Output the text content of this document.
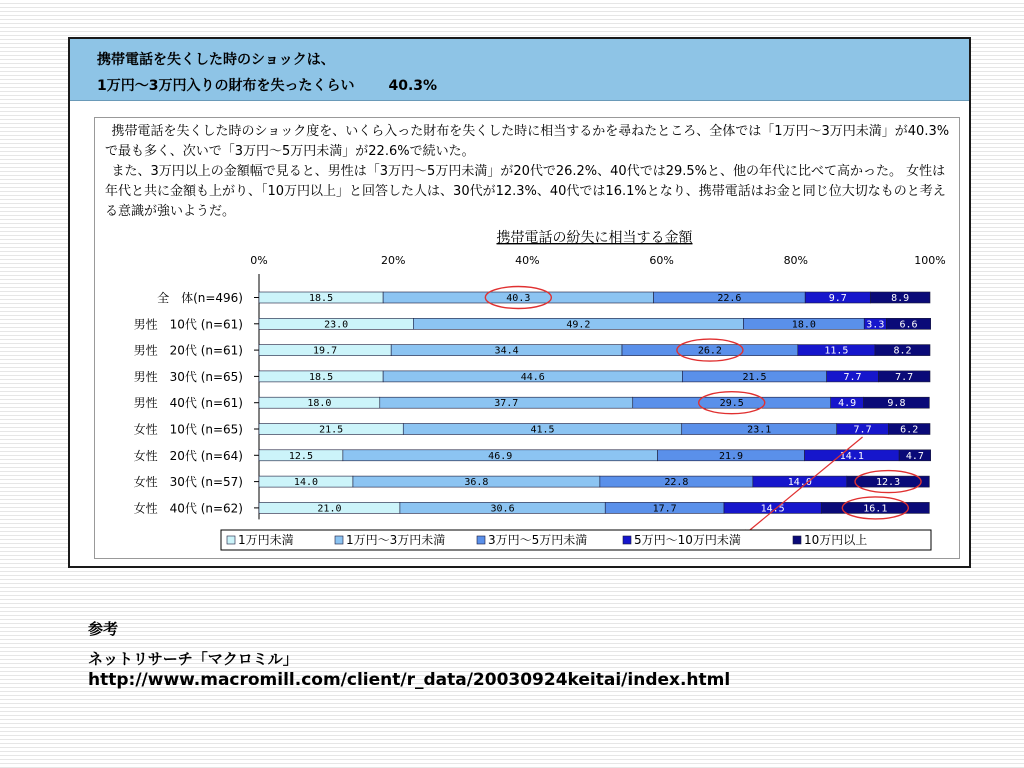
携帯電話を失くした時のショックは、
1万円～3万円入りの財布を失ったくらい 40.3%

携帯電話を失くした時のショック度を、いくら入った財布を失くした時に相当するかを尋ねたところ、全体では「1万円～3万円未満」が40.3%で最も多く、次いで「3万円～5万円未満」が22.6%で続いた。

また、3万円以上の金額幅で見ると、男性は「3万円～5万円未満」が20代で26.2%、40代では29.5%と、他の年代に比べて高かった。 女性は年代と共に金額も上がり、「10万円以上」と回答した人は、30代が12.3%、40代では16.1%となり、携帯電話はお金と同じ位大切なものと考える意識が強いようだ。

携帯電話の紛失に相当する金額
0%	20%	40%	60%	80%	100%
全　体(n=496)	18.5	40.3	22.6	9.7	8.9
男性　10代 (n=61)	23.0	49.2	18.0	3.3 6.6
男性　20代 (n=61)	19.7	34.4	26.2	11.5	8.2
男性　30代 (n=65)	18.5	44.6	21.5	7.7	7.7
男性　40代 (n=61)	18.0	37.7	29.5	4.9	9.8
女性　10代 (n=65)	21.5	41.5	23.1	7.7	6.2
女性　20代 (n=64)	12.5	46.9	21.9	14.1	4.7
女性　30代 (n=57)	14.0	36.8	22.8	14.0	12.3
女性　40代 (n=62)	21.0	30.6	17.7	14.5	16.1
1万円未満	1万円～3万円未満	3万円～5万円未満	5万円～10万円未満	10万円以上
参考
ネットリサーチ「マクロミル」
http://www.macromill.com/client/r_data/20030924keitai/index.html
